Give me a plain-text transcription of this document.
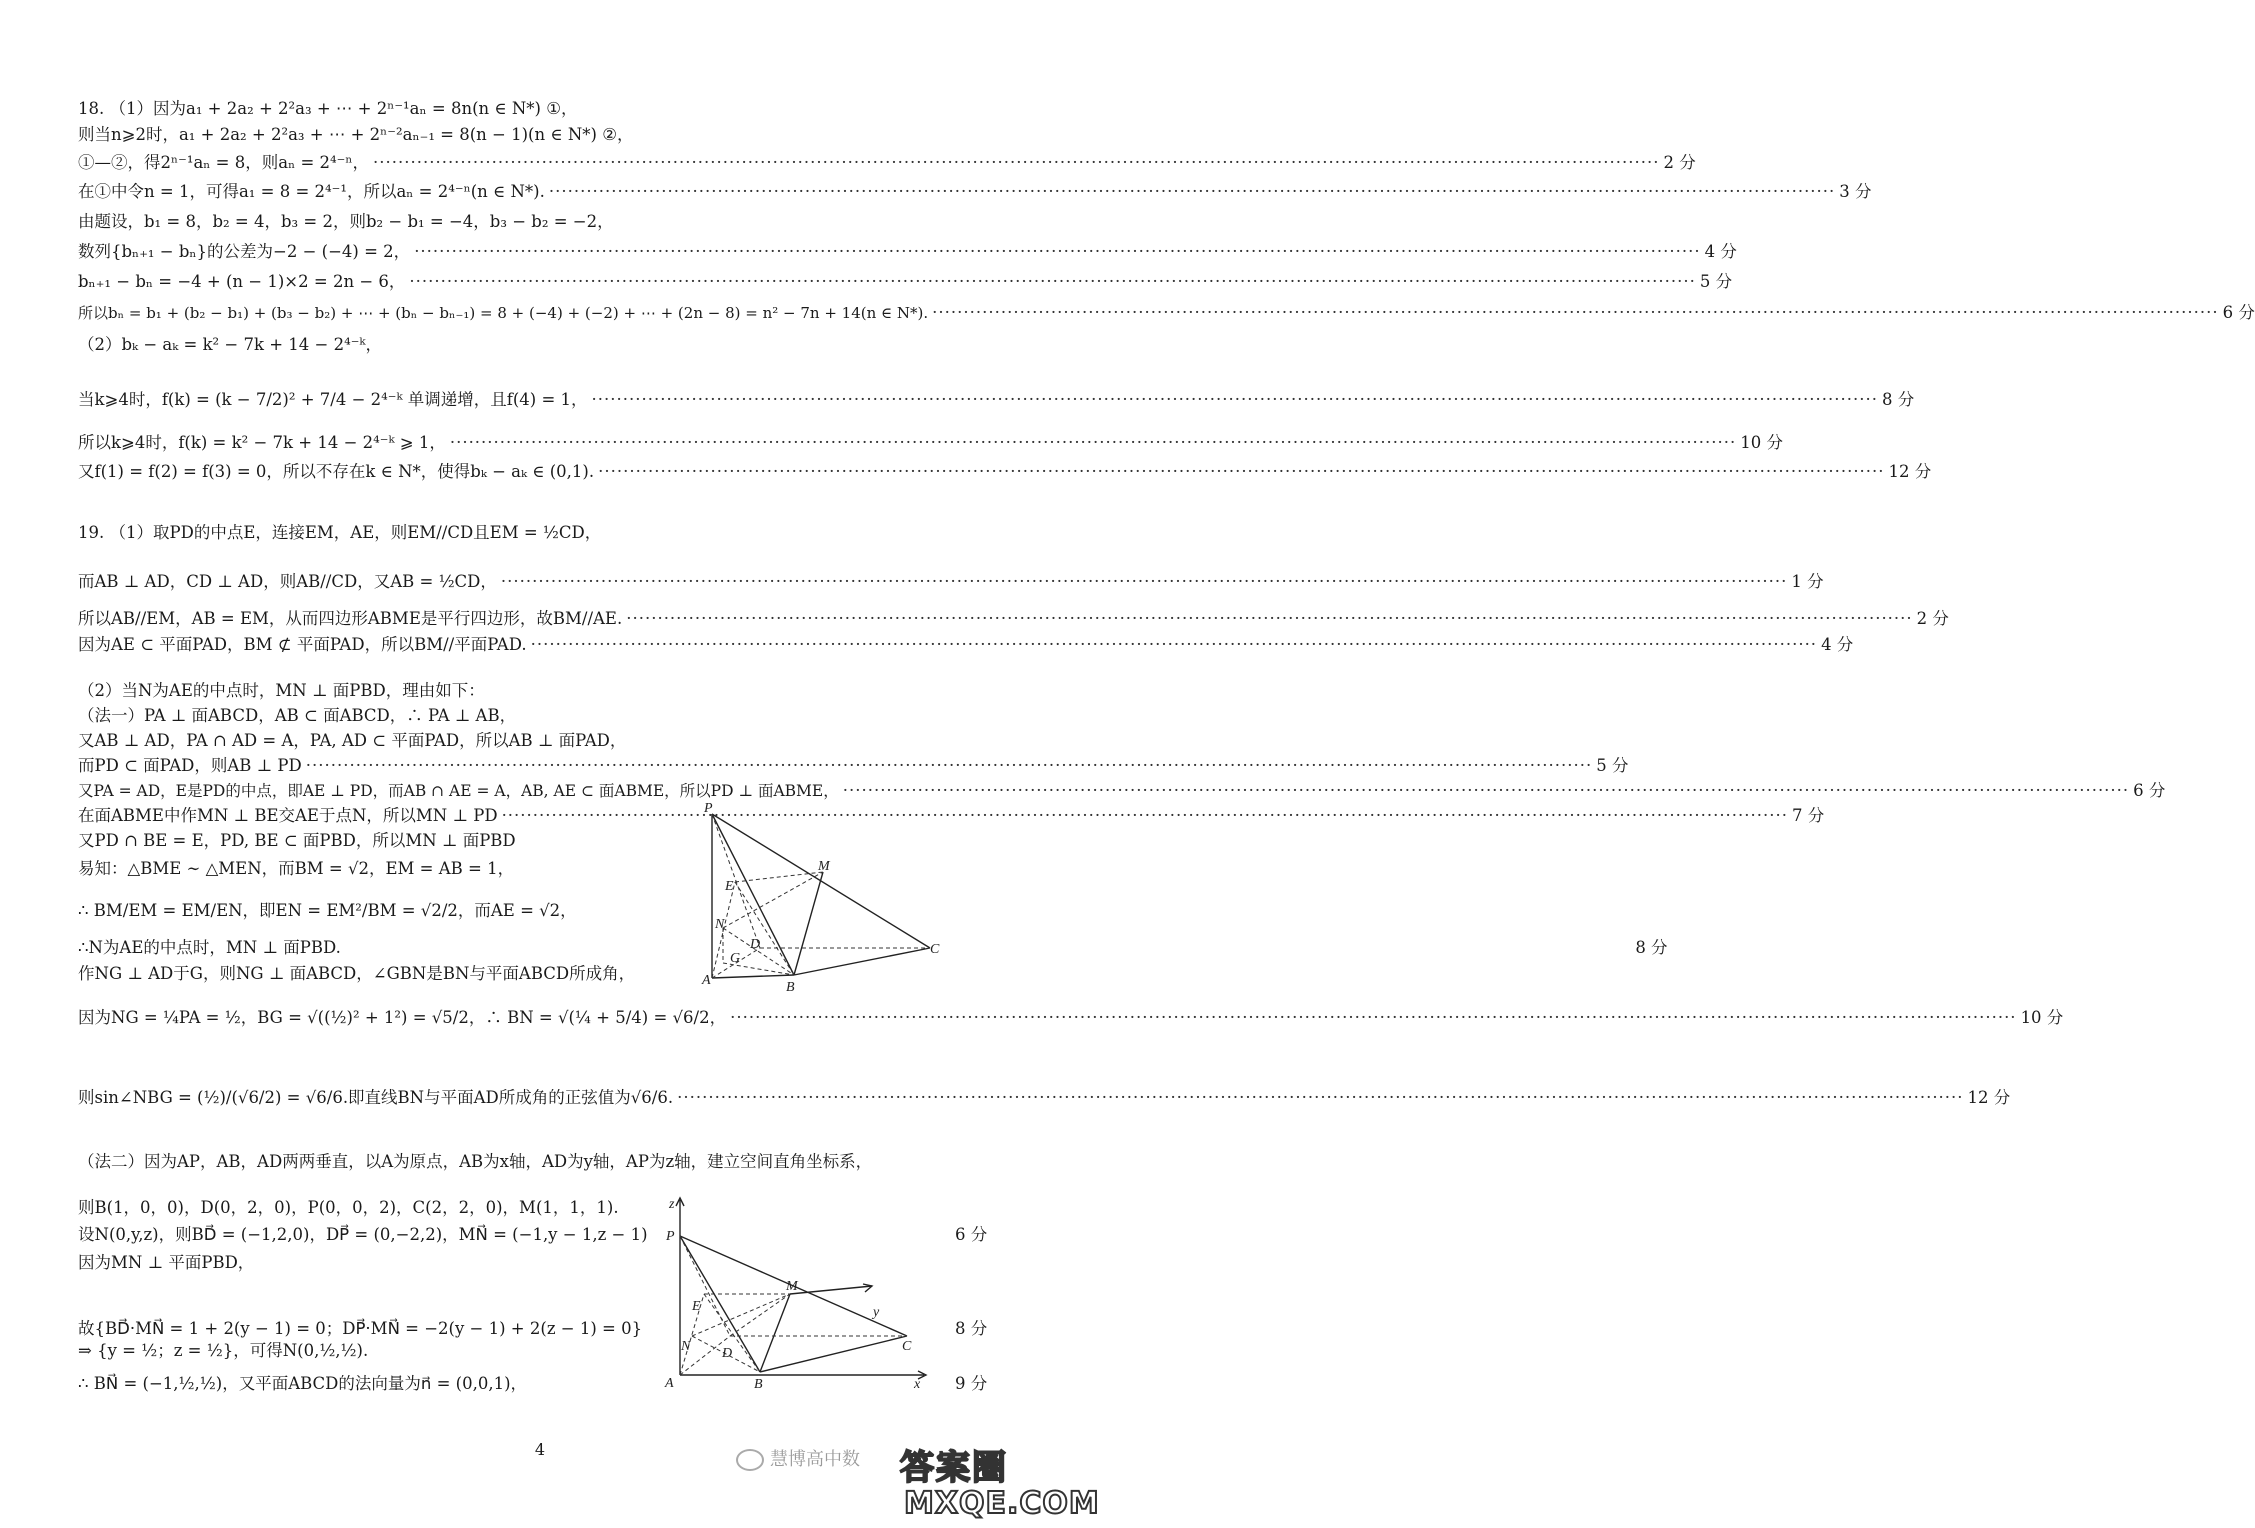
18. （1）因为a₁ + 2a₂ + 2²a₃ + ⋯ + 2ⁿ⁻¹aₙ = 8n(n ∈ N*) ①，
则当n⩾2时，a₁ + 2a₂ + 2²a₃ + ⋯ + 2ⁿ⁻²aₙ₋₁ = 8(n − 1)(n ∈ N*) ②，
①—②，得2ⁿ⁻¹aₙ = 8，则aₙ = 2⁴⁻ⁿ， ·····	2 分
在①中令n = 1，可得a₁ = 8 = 2⁴⁻¹，所以aₙ = 2⁴⁻ⁿ(n ∈ N*). ·····	3 分
由题设，b₁ = 8，b₂ = 4，b₃ = 2，则b₂ − b₁ = −4，b₃ − b₂ = −2，
数列{bₙ₊₁ − bₙ}的公差为−2 − (−4) = 2， ·····	4 分
bₙ₊₁ − bₙ = −4 + (n − 1)×2 = 2n − 6， ·····	5 分
所以bₙ = b₁ + (b₂ − b₁) + (b₃ − b₂) + ⋯ + (bₙ − bₙ₋₁) = 8 + (−4) + (−2) + ⋯ + (2n − 8) = n² − 7n + 14(n ∈ N*). ·····	6 分
（2）bₖ − aₖ = k² − 7k + 14 − 2⁴⁻ᵏ，
当k⩾4时，f(k) = (k − 7/2)² + 7/4 − 2⁴⁻ᵏ 单调递增，且f(4) = 1， ·····	8 分
所以k⩾4时，f(k) = k² − 7k + 14 − 2⁴⁻ᵏ ⩾ 1， ·····	10 分
又f(1) = f(2) = f(3) = 0，所以不存在k ∈ N*，使得bₖ − aₖ ∈ (0,1). ·····	12 分
19. （1）取PD的中点E，连接EM，AE，则EM//CD且EM = ½CD，
而AB ⊥ AD，CD ⊥ AD，则AB//CD，又AB = ½CD， ·····	1 分
所以AB//EM，AB = EM，从而四边形ABME是平行四边形，故BM//AE. ·····	2 分
因为AE ⊂ 平面PAD，BM ⊄ 平面PAD，所以BM//平面PAD. ·····	4 分
（2）当N为AE的中点时，MN ⊥ 面PBD，理由如下：
（法一）PA ⊥ 面ABCD，AB ⊂ 面ABCD，∴ PA ⊥ AB，
又AB ⊥ AD，PA ∩ AD = A，PA, AD ⊂ 平面PAD，所以AB ⊥ 面PAD，
而PD ⊂ 面PAD，则AB ⊥ PD ·····	5 分
又PA = AD，E是PD的中点，即AE ⊥ PD，而AB ∩ AE = A，AB, AE ⊂ 面ABME，所以PD ⊥ 面ABME， ·····	6 分
在面ABME中作MN ⊥ BE交AE于点N，所以MN ⊥ PD ·····	7 分
又PD ∩ BE = E，PD, BE ⊂ 面PBD，所以MN ⊥ 面PBD
易知：△BME ∼ △MEN，而BM = √2，EM = AB = 1，
∴ BM/EM = EM/EN，即EN = EM²/BM = √2/2，而AE = √2，
∴N为AE的中点时，MN ⊥ 面PBD.	8 分
作NG ⊥ AD于G，则NG ⊥ 面ABCD，∠GBN是BN与平面ABCD所成角，
因为NG = ¼PA = ½，BG = √((½)² + 1²) = √5/2，∴ BN = √(¼ + 5/4) = √6/2， ·····	10 分
则sin∠NBG = (½)/(√6/2) = √6/6.即直线BN与平面AD所成角的正弦值为√6/6. ·····	12 分
（法二）因为AP，AB，AD两两垂直，以A为原点，AB为x轴，AD为y轴，AP为z轴，建立空间直角坐标系，
则B(1，0，0)，D(0，2，0)，P(0，0，2)，C(2，2，0)，M(1，1，1).
设N(0,y,z)，则BD⃗ = (−1,2,0)，DP⃗ = (0,−2,2)，MN⃗ = (−1,y − 1,z − 1)	6 分
因为MN ⊥ 平面PBD，
故{BD⃗·MN⃗ = 1 + 2(y − 1) = 0；DP⃗·MN⃗ = −2(y − 1) + 2(z − 1) = 0} ⇒ {y = ½；z = ½}，可得N(0,½,½).
8 分
∴ BN⃗ = (−1,½,½)，又平面ABCD的法向量为n⃗ = (0,0,1)，	9 分
P
M
E
N
D
G
A	B
C
z
P
M
y
E
N D	C
A	B	x
4	慧博高中数 答案圈
MXQE.COM
